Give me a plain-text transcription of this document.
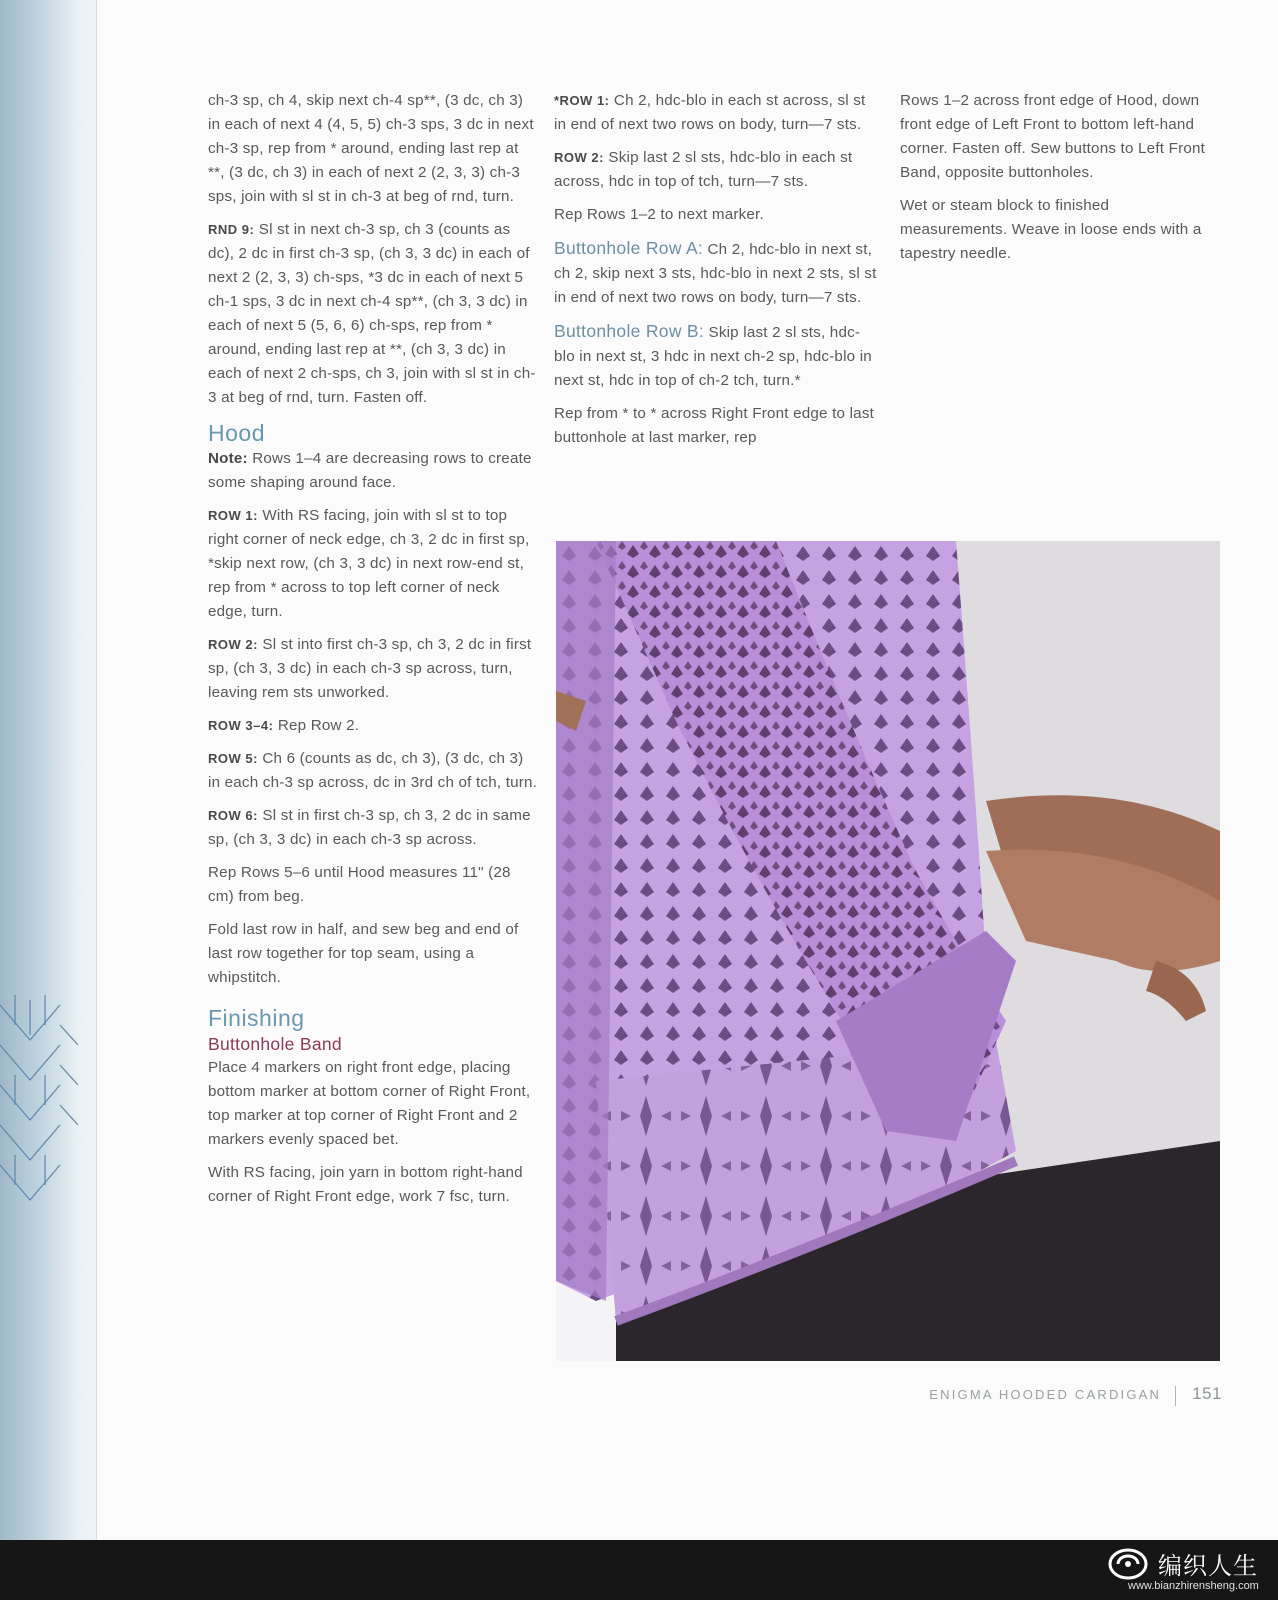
ch-3 sp, ch 4, skip next ch-4 sp**, (3 dc, ch 3) in each of next 4 (4, 5, 5) ch-3 sps, 3 dc in next ch-3 sp, rep from * around, ending last rep at **, (3 dc, ch 3) in each of next 2 (2, 3, 3) ch-3 sps, join with sl st in ch-3 at beg of rnd, turn.

RND 9: Sl st in next ch-3 sp, ch 3 (counts as dc), 2 dc in first ch-3 sp, (ch 3, 3 dc) in each of next 2 (2, 3, 3) ch-sps, *3 dc in each of next 5 ch-1 sps, 3 dc in next ch-4 sp**, (ch 3, 3 dc) in each of next 5 (5, 6, 6) ch-sps, rep from * around, ending last rep at **, (ch 3, 3 dc) in each of next 2 ch-sps, ch 3, join with sl st in ch-3 at beg of rnd, turn. Fasten off.

Hood

Note: Rows 1–4 are decreasing rows to create some shaping around face.

ROW 1: With RS facing, join with sl st to top right corner of neck edge, ch 3, 2 dc in first sp, *skip next row, (ch 3, 3 dc) in next row-end st, rep from * across to top left corner of neck edge, turn.

ROW 2: Sl st into first ch-3 sp, ch 3, 2 dc in first sp, (ch 3, 3 dc) in each ch-3 sp across, turn, leaving rem sts unworked.

ROW 3–4: Rep Row 2.

ROW 5: Ch 6 (counts as dc, ch 3), (3 dc, ch 3) in each ch-3 sp across, dc in 3rd ch of tch, turn.

ROW 6: Sl st in first ch-3 sp, ch 3, 2 dc in same sp, (ch 3, 3 dc) in each ch-3 sp across.

Rep Rows 5–6 until Hood measures 11" (28 cm) from beg.

Fold last row in half, and sew beg and end of last row together for top seam, using a whipstitch.

Finishing
Buttonhole Band

Place 4 markers on right front edge, placing bottom marker at bottom corner of Right Front, top marker at top corner of Right Front and 2 markers evenly spaced bet.

With RS facing, join yarn in bottom right-hand corner of Right Front edge, work 7 fsc, turn.

*ROW 1: Ch 2, hdc-blo in each st across, sl st in end of next two rows on body, turn—7 sts.

ROW 2: Skip last 2 sl sts, hdc-blo in each st across, hdc in top of tch, turn—7 sts.

Rep Rows 1–2 to next marker.

Buttonhole Row A: Ch 2, hdc-blo in next st, ch 2, skip next 3 sts, hdc-blo in next 2 sts, sl st in end of next two rows on body, turn—7 sts.

Buttonhole Row B: Skip last 2 sl sts, hdc-blo in next st, 3 hdc in next ch-2 sp, hdc-blo in next st, hdc in top of ch-2 tch, turn.*

Rep from * to * across Right Front edge to last buttonhole at last marker, rep

Rows 1–2 across front edge of Hood, down front edge of Left Front to bottom left-hand corner. Fasten off. Sew buttons to Left Front Band, opposite buttonholes.

Wet or steam block to finished measurements. Weave in loose ends with a tapestry needle.

ENIGMA HOODED CARDIGAN 151
编织人生
www.bianzhirensheng.com
